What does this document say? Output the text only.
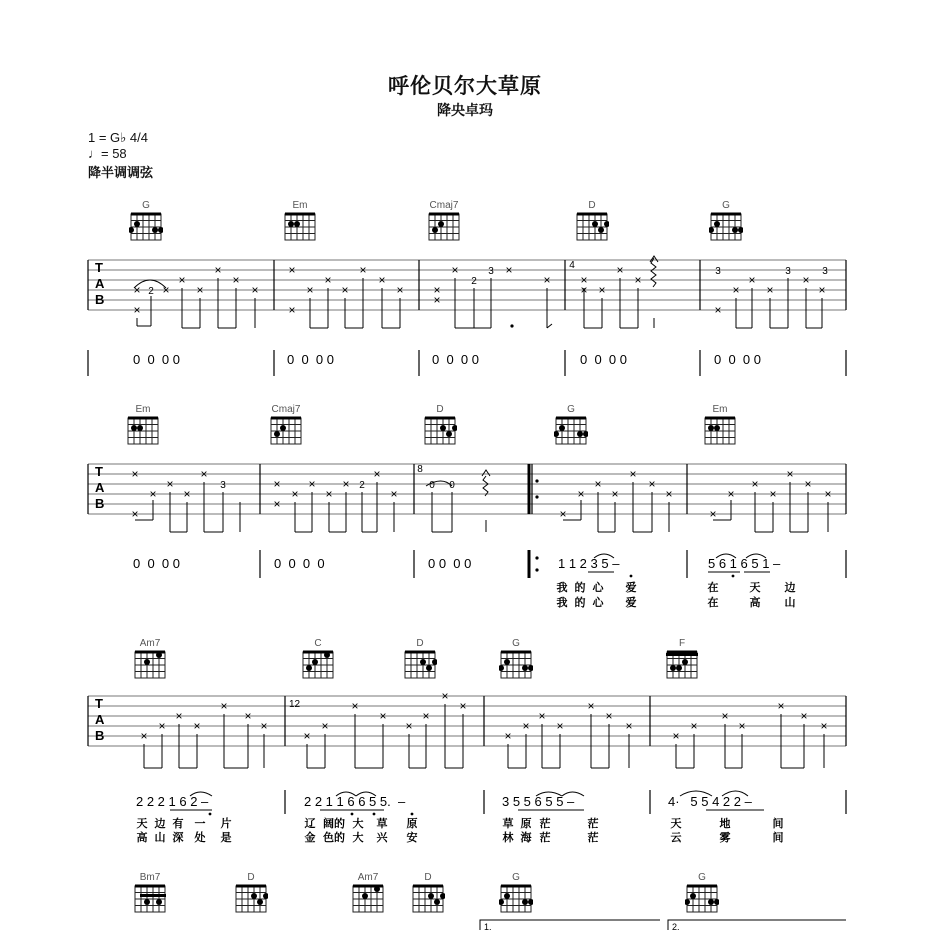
呼伦贝尔大草原
降央卓玛
1 = G♭ 4/4
♩= 58
降半调调弦
G	Em	Cmaj7	D	G
T
A
B
×
×
×
×
×
×
×
×
×
×
×
×
×
×
×
×
×
×
×	×
× ×
× ×
×
×
×
×
×
×
×
×
2
2
3
4
3	3	3
0  0  0 0	0  0  0 0	0  0  0 0	0  0  0 0	0  0  0 0
Em	Cmaj7	D	G	Em
T
A
B
×
×
×
×
×
×
×
×
×
×
×
×
×
×
×
×
×
×
×
×
×
×
×
×
×
×
×
×
3	2
8
0 0
0  0  0 0	0  0  0  0	0 0  0 0	1 1 2 3 5 –	5 6 1 6 5 1 –
我 的 心 爱
我 的 心 爱
在	天 边
在	高 山
Am7	C	D	G	F
T
A
B	×
×
×
×
×
×
×
×
×
×
×
×
×
×
×
×
×
×
×
×
×
×
×
×
×
×
×
×
×
12
2 2 2 1 6 2 –	2 2 1 1 6 6 5 5.  –	3 5 5 6 5 5 –	4·   5 5 4 2 2 –
天 边 有 一 片
高 山 深 处 是
辽 阔的 大 草 原
金 色的 大 兴 安
草 原 茫	茫
林 海 茫	茫
天	地	间
云	雾	间
Bm7	D	Am7	D	G	G
1.	2.
